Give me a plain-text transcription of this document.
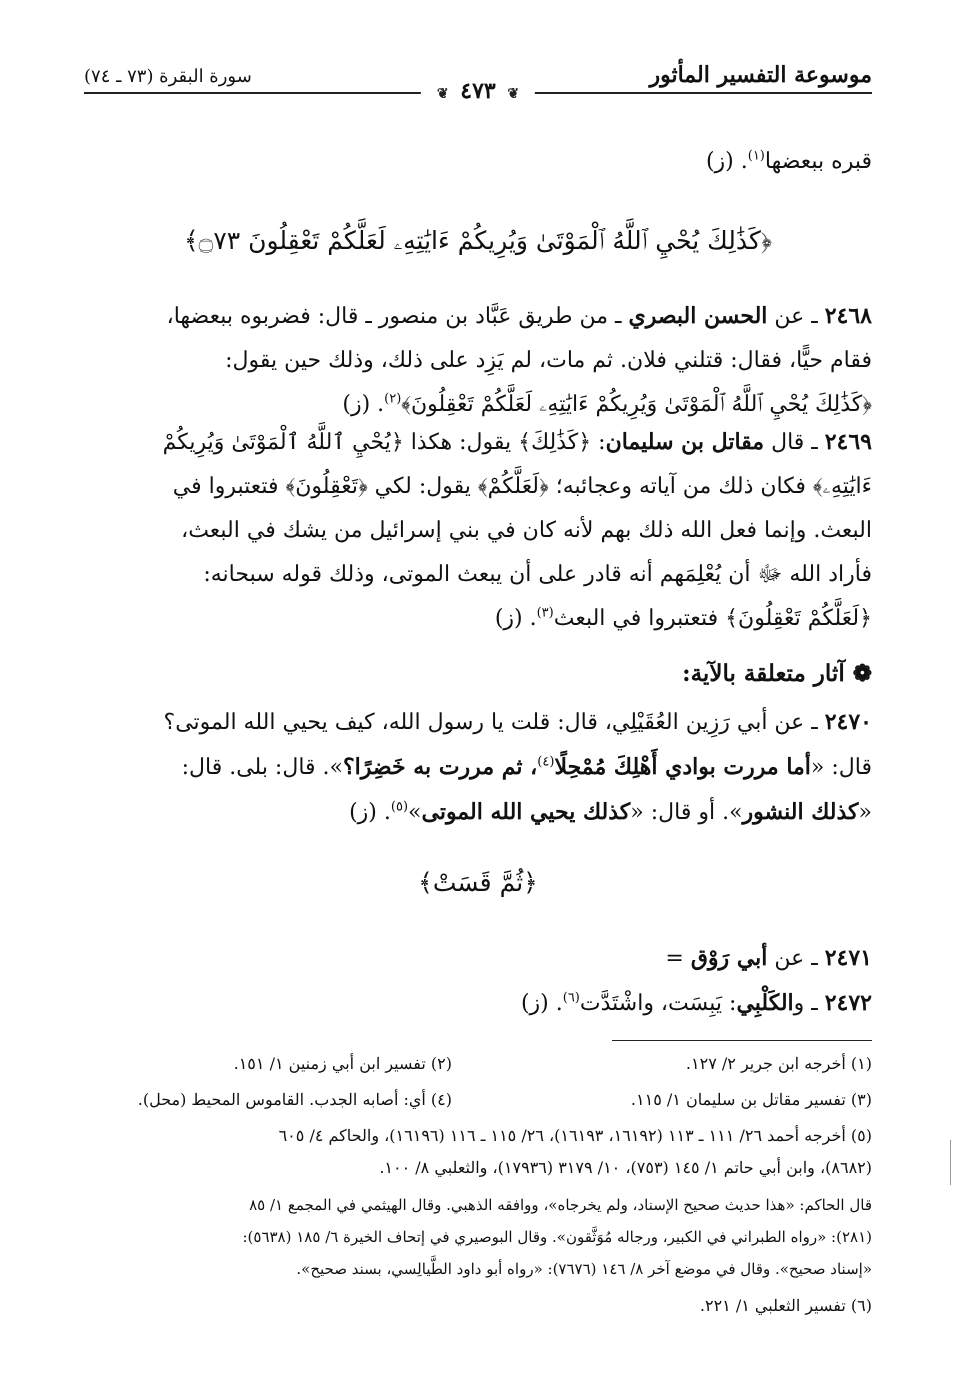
موسوعة التفسير المأثور
سورة البقرة (٧٣ ـ ٧٤)
❦ ٤٧٣ ❦
قبره ببعضها$^{(١)}$. (ز)
﴿كَذَٰلِكَ يُحْيِ ٱللَّهُ ٱلْمَوْتَىٰ وَيُرِيكُمْ ءَايَٰتِهِۦ لَعَلَّكُمْ تَعْقِلُونَ ۝٧٣﴾
٢٤٦٨ ـ عن الحسن البصري ـ من طريق عَبَّاد بن منصور ـ قال: فضربوه ببعضها،
فقام حيًّا، فقال: قتلني فلان. ثم مات، لم يَزِد على ذلك، وذلك حين يقول:
﴿كَذَٰلِكَ يُحْيِ ٱللَّهُ ٱلْمَوْتَىٰ وَيُرِيكُمْ ءَايَٰتِهِۦ لَعَلَّكُمْ تَعْقِلُونَ﴾$^{(٢)}$. (ز)
٢٤٦٩ ـ قال مقاتل بن سليمان: ﴿كَذَٰلِكَ﴾ يقول: هكذا ﴿يُحْيِ ٱللَّهُ ٱلْمَوْتَىٰ وَيُرِيكُمْ
ءَايَٰتِهِۦ﴾ فكان ذلك من آياته وعجائبه؛ ﴿لَعَلَّكُمْ﴾ يقول: لكي ﴿تَعْقِلُونَ﴾ فتعتبروا في
البعث. وإنما فعل الله ذلك بهم لأنه كان في بني إسرائيل من يشك في البعث،
فأراد الله ﷻ أن يُعْلِمَهم أنه قادر على أن يبعث الموتى، وذلك قوله سبحانه:
﴿لَعَلَّكُمْ تَعْقِلُونَ﴾ فتعتبروا في البعث$^{(٣)}$. (ز)
❁ آثار متعلقة بالآية:
٢٤٧٠ ـ عن أبي رَزِين العُقَيْلِي، قال: قلت يا رسول الله، كيف يحيي الله الموتى؟
قال: «أما مررت بوادي أَهْلِكَ مُمْحِلًا$^{(٤)}$، ثم مررت به خَضِرًا؟». قال: بلى. قال:
«كذلك النشور». أو قال: «كذلك يحيي الله الموتى»$^{(٥)}$. (ز)
﴿ثُمَّ قَسَتْ﴾
٢٤٧١ ـ عن أبي رَوْق =
٢٤٧٢ ـ والكَلْبِي: يَبِسَت، واشْتَدَّت$^{(٦)}$. (ز)
(١) أخرجه ابن جرير ٢/ ١٢٧.
(٢) تفسير ابن أبي زمنين ١/ ١٥١.
(٣) تفسير مقاتل بن سليمان ١/ ١١٥.
(٤) أي: أصابه الجدب. القاموس المحيط (محل).
(٥) أخرجه أحمد ٢٦/ ١١١ ـ ١١٣ (١٦١٩٢، ١٦١٩٣)، ٢٦/ ١١٥ ـ ١١٦ (١٦١٩٦)، والحاكم ٤/ ٦٠٥
(٨٦٨٢)، وابن أبي حاتم ١/ ١٤٥ (٧٥٣)، ١٠/ ٣١٧٩ (١٧٩٣٦)، والثعلبي ٨/ ١٠٠.
قال الحاكم: «هذا حديث صحيح الإسناد، ولم يخرجاه»، ووافقه الذهبي. وقال الهيثمي في المجمع ١/ ٨٥
(٢٨١): «رواه الطبراني في الكبير، ورجاله مُوَثَّقون». وقال البوصيري في إتحاف الخيرة ٦/ ١٨٥ (٥٦٣٨):
«إسناد صحيح». وقال في موضع آخر ٨/ ١٤٦ (٧٦٧٦): «رواه أبو داود الطَّيالِسي، بسند صحيح».
(٦) تفسير الثعلبي ١/ ٢٢١.
